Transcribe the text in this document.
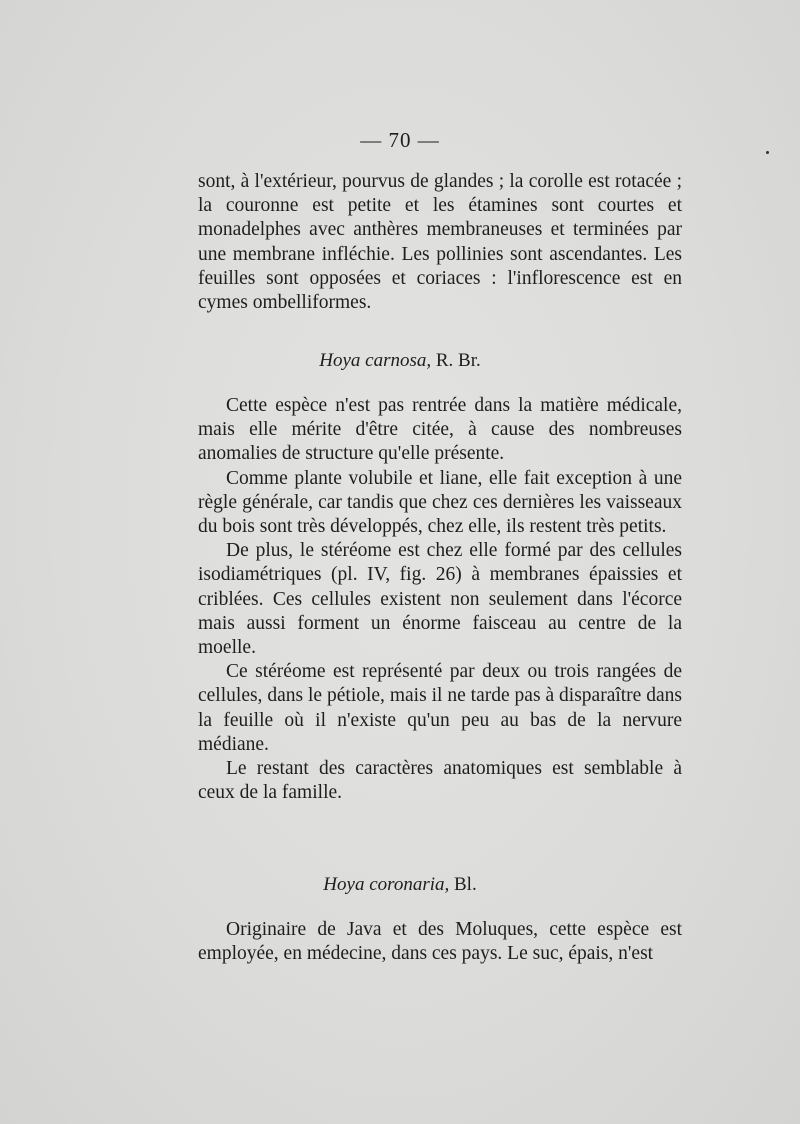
— 70 —

sont, à l'extérieur, pourvus de glandes ; la corolle est rotacée ; la couronne est petite et les étamines sont courtes et monadelphes avec anthères membraneuses et terminées par une membrane infléchie. Les pollinies sont ascendantes. Les feuilles sont opposées et coriaces : l'inflorescence est en cymes ombelliformes.

Hoya carnosa, R. Br.

Cette espèce n'est pas rentrée dans la matière médicale, mais elle mérite d'être citée, à cause des nombreuses anomalies de structure qu'elle présente.

Comme plante volubile et liane, elle fait exception à une règle générale, car tandis que chez ces dernières les vaisseaux du bois sont très développés, chez elle, ils restent très petits.

De plus, le stéréome est chez elle formé par des cellules isodiamétriques (pl. IV, fig. 26) à membranes épaissies et criblées. Ces cellules existent non seulement dans l'écorce mais aussi forment un énorme faisceau au centre de la moelle.

Ce stéréome est représenté par deux ou trois rangées de cellules, dans le pétiole, mais il ne tarde pas à disparaître dans la feuille où il n'existe qu'un peu au bas de la nervure médiane.

Le restant des caractères anatomiques est semblable à ceux de la famille.

Hoya coronaria, Bl.

Originaire de Java et des Moluques, cette espèce est employée, en médecine, dans ces pays. Le suc, épais, n'est
